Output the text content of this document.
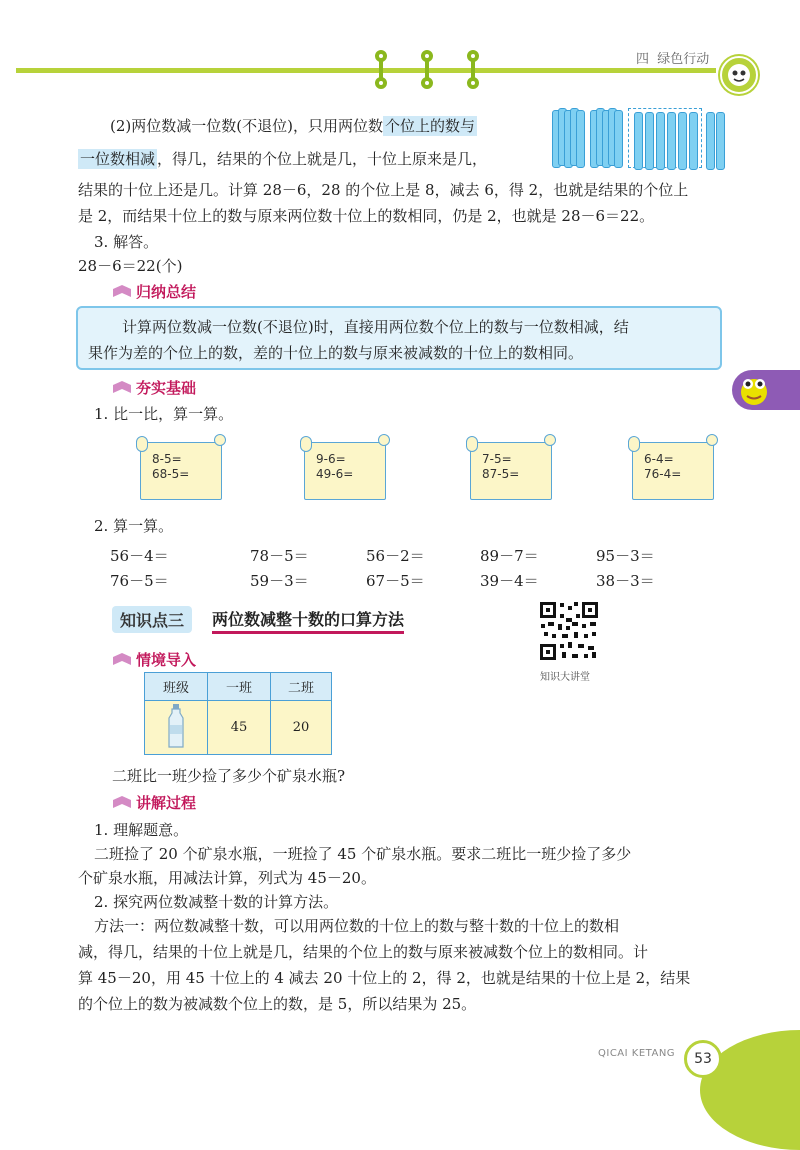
四  绿色行动
(2)两位数减一位数(不退位)，只用两位数 个位上的数与
一位数相减 ，得几，结果的个位上就是几，十位上原来是几，
结果的十位上还是几。计算 28－6，28 的个位上是 8，减去 6，得 2，也就是结果的个位上
是 2，而结果十位上的数与原来两位数十位上的数相同，仍是 2，也就是 28－6＝22。
3. 解答。
28－6＝22(个)
归纳总结
计算两位数减一位数(不退位)时，直接用两位数个位上的数与一位数相减，结
果作为差的个位上的数，差的十位上的数与原来被减数的十位上的数相同。
夯实基础
1. 比一比，算一算。
8-5=
68-5=
9-6=
49-6=
7-5=
87-5=
6-4=
76-4=
2. 算一算。
56－4＝	78－5＝	56－2＝	89－7＝	95－3＝
76－5＝	59－3＝	67－5＝	39－4＝	38－3＝
知识点三	两位数减整十数的口算方法
知识大讲堂
情境导入
班级	一班	二班
	45	20
二班比一班少捡了多少个矿泉水瓶?
讲解过程
1. 理解题意。
二班捡了 20 个矿泉水瓶，一班捡了 45 个矿泉水瓶。要求二班比一班少捡了多少
个矿泉水瓶，用减法计算，列式为 45－20。
2. 探究两位数减整十数的计算方法。
方法一：两位数减整十数，可以用两位数的十位上的数与整十数的十位上的数相
减，得几，结果的十位上就是几，结果的个位上的数与原来被减数个位上的数相同。计
算 45－20，用 45 十位上的 4 减去 20 十位上的 2，得 2，也就是结果的十位上是 2，结果
的个位上的数为被减数个位上的数，是 5，所以结果为 25。
QICAI KETANG	53
